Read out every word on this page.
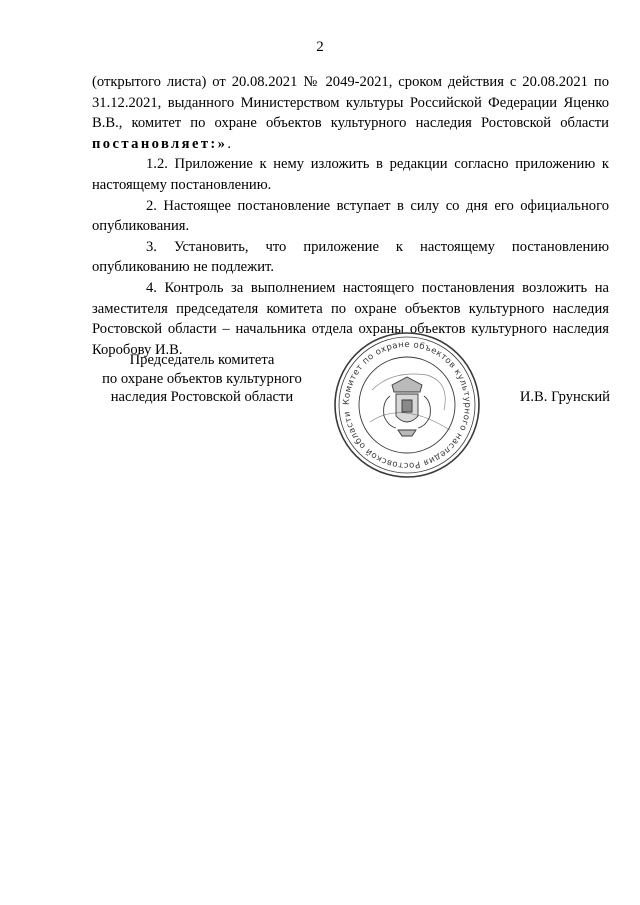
2

(открытого листа) от 20.08.2021 № 2049-2021, сроком действия с 20.08.2021 по 31.12.2021, выданного Министерством культуры Российской Федерации Яценко В.В., комитет по охране объектов культурного наследия Ростовской области постановляет:».

1.2. Приложение к нему изложить в редакции согласно приложению к настоящему постановлению.

2. Настоящее постановление вступает в силу со дня его официального опубликования.

3. Установить, что приложение к настоящему постановлению опубликованию не подлежит.

4. Контроль за выполнением настоящего постановления возложить на заместителя председателя комитета по охране объектов культурного наследия Ростовской области – начальника отдела охраны объектов культурного наследия Коробову И.В.

Председатель комитета
по охране объектов культурного
наследия Ростовской области	Комитет по охране объектов культурного наследия Ростовской области
И.В. Грунский
